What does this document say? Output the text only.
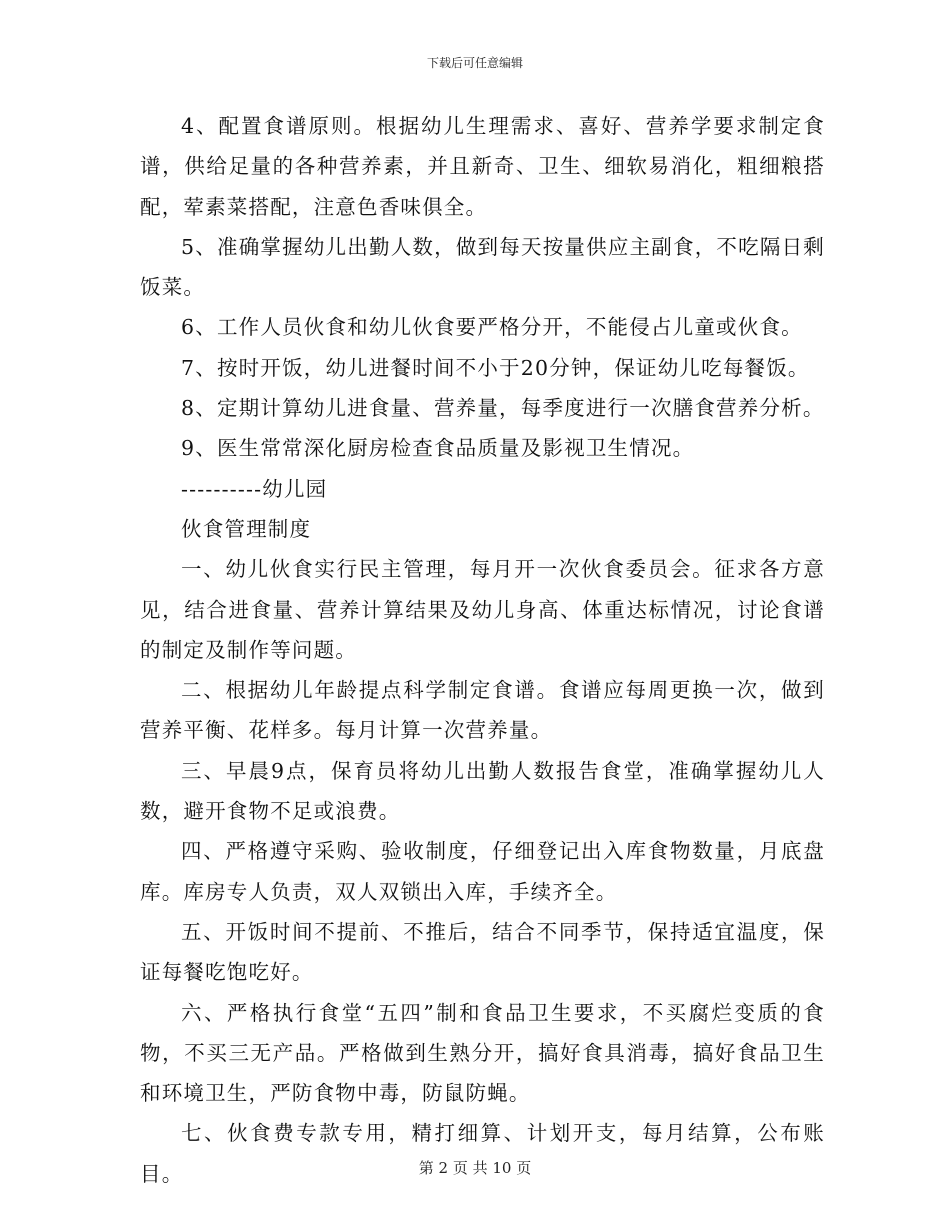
下载后可任意编辑

4、配置食谱原则。根据幼儿生理需求、喜好、营养学要求制定食谱，供给足量的各种营养素，并且新奇、卫生、细软易消化，粗细粮搭配，荤素菜搭配，注意色香味俱全。

5、准确掌握幼儿出勤人数，做到每天按量供应主副食，不吃隔日剩饭菜。

6、工作人员伙食和幼儿伙食要严格分开，不能侵占儿童或伙食。

7、按时开饭，幼儿进餐时间不小于20分钟，保证幼儿吃每餐饭。

8、定期计算幼儿进食量、营养量，每季度进行一次膳食营养分析。

9、医生常常深化厨房检查食品质量及影视卫生情况。

----------幼儿园

伙食管理制度

一、幼儿伙食实行民主管理，每月开一次伙食委员会。征求各方意见，结合进食量、营养计算结果及幼儿身高、体重达标情况，讨论食谱的制定及制作等问题。

二、根据幼儿年龄提点科学制定食谱。食谱应每周更换一次，做到营养平衡、花样多。每月计算一次营养量。

三、早晨9点，保育员将幼儿出勤人数报告食堂，准确掌握幼儿人数，避开食物不足或浪费。

四、严格遵守采购、验收制度，仔细登记出入库食物数量，月底盘库。库房专人负责，双人双锁出入库，手续齐全。

五、开饭时间不提前、不推后，结合不同季节，保持适宜温度，保证每餐吃饱吃好。

六、严格执行食堂“五四”制和食品卫生要求，不买腐烂变质的食物，不买三无产品。严格做到生熟分开，搞好食具消毒，搞好食品卫生和环境卫生，严防食物中毒，防鼠防蝇。

七、伙食费专款专用，精打细算、计划开支，每月结算，公布账目。	第 2 页 共 10 页
